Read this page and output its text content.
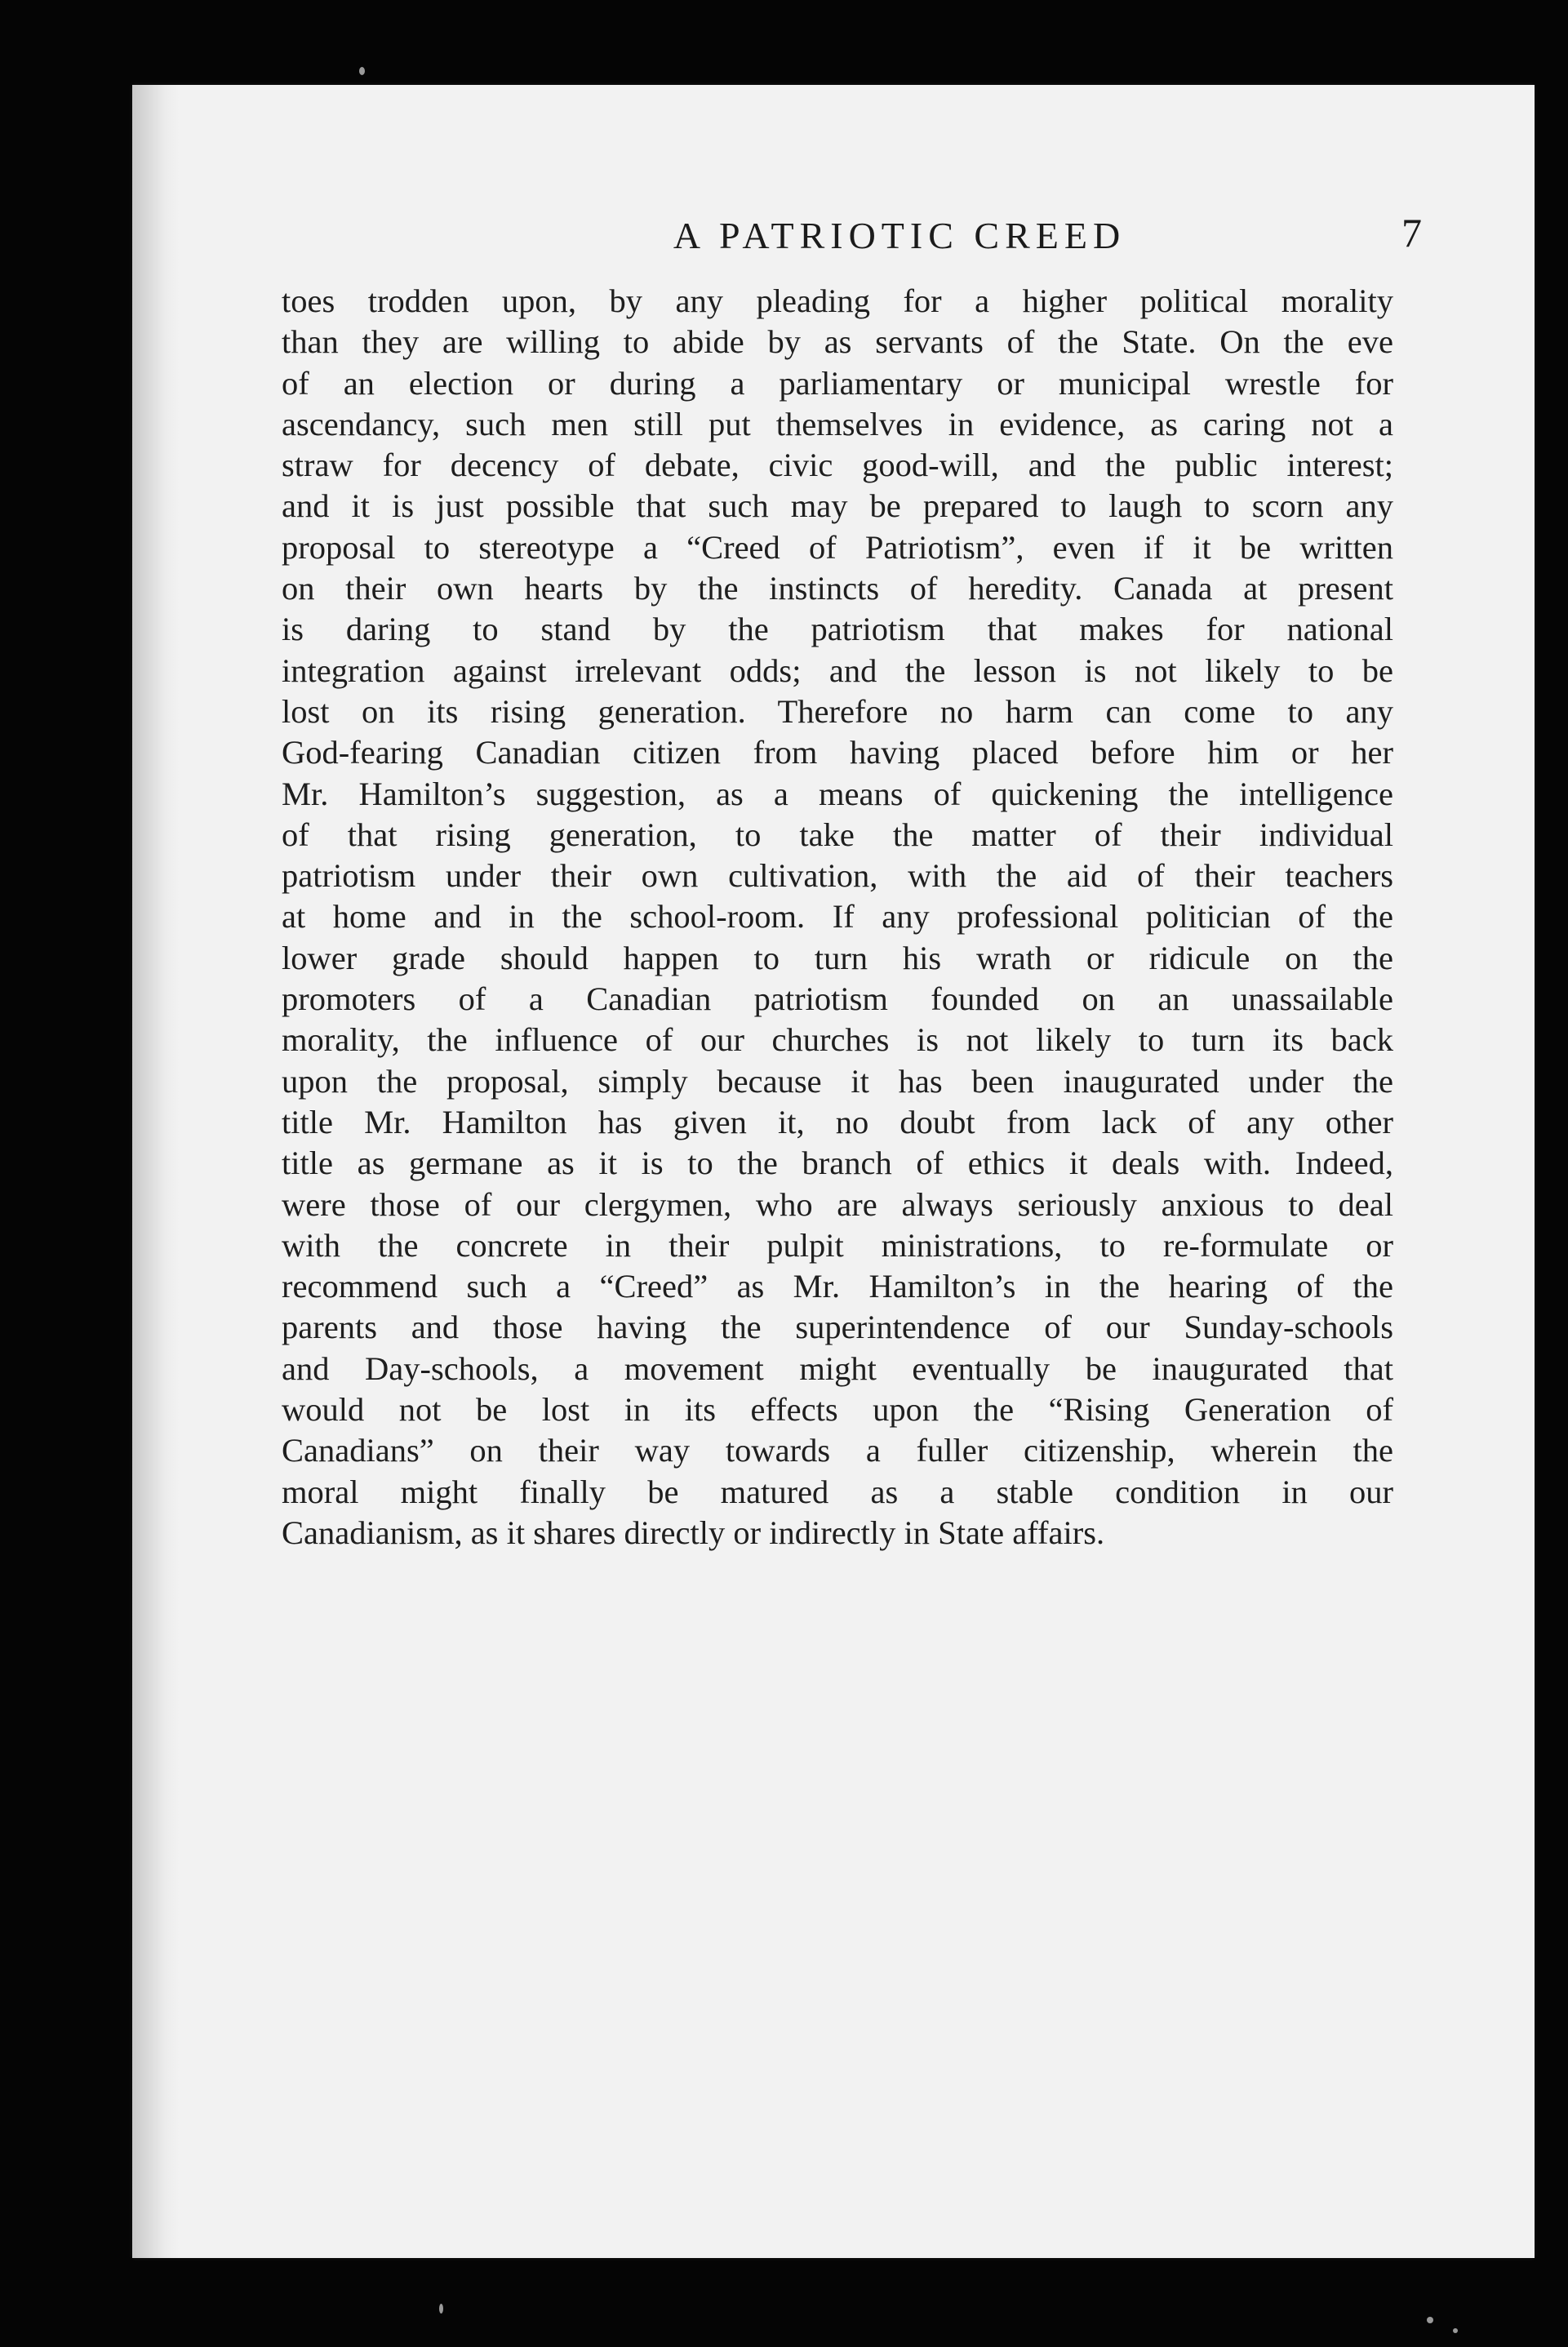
A PATRIOTIC CREED	7

toes trodden upon, by any pleading for a higher political morality
than they are willing to abide by as servants of the State. On the eve
of an election or during a parliamentary or municipal wrestle for
ascendancy, such men still put themselves in evidence, as caring not a
straw for decency of debate, civic good-will, and the public interest;
and it is just possible that such may be prepared to laugh to scorn any
proposal to stereotype a “Creed of Patriotism”, even if it be written
on their own hearts by the instincts of heredity. Canada at present
is daring to stand by the patriotism that makes for national
integration against irrelevant odds; and the lesson is not likely to be
lost on its rising generation. Therefore no harm can come to any
God-fearing Canadian citizen from having placed before him or her
Mr. Hamilton’s suggestion, as a means of quickening the intelligence
of that rising generation, to take the matter of their individual
patriotism under their own cultivation, with the aid of their teachers
at home and in the school-room. If any professional politician of the
lower grade should happen to turn his wrath or ridicule on the
promoters of a Canadian patriotism founded on an unassailable
morality, the influence of our churches is not likely to turn its back
upon the proposal, simply because it has been inaugurated under the
title Mr. Hamilton has given it, no doubt from lack of any other
title as germane as it is to the branch of ethics it deals with. Indeed,
were those of our clergymen, who are always seriously anxious to deal
with the concrete in their pulpit ministrations, to re-formulate or
recommend such a “Creed” as Mr. Hamilton’s in the hearing of the
parents and those having the superintendence of our Sunday-schools
and Day-schools, a movement might eventually be inaugurated that
would not be lost in its effects upon the “Rising Generation of
Canadians” on their way towards a fuller citizenship, wherein the
moral might finally be matured as a stable condition in our
Canadianism, as it shares directly or indirectly in State affairs.
